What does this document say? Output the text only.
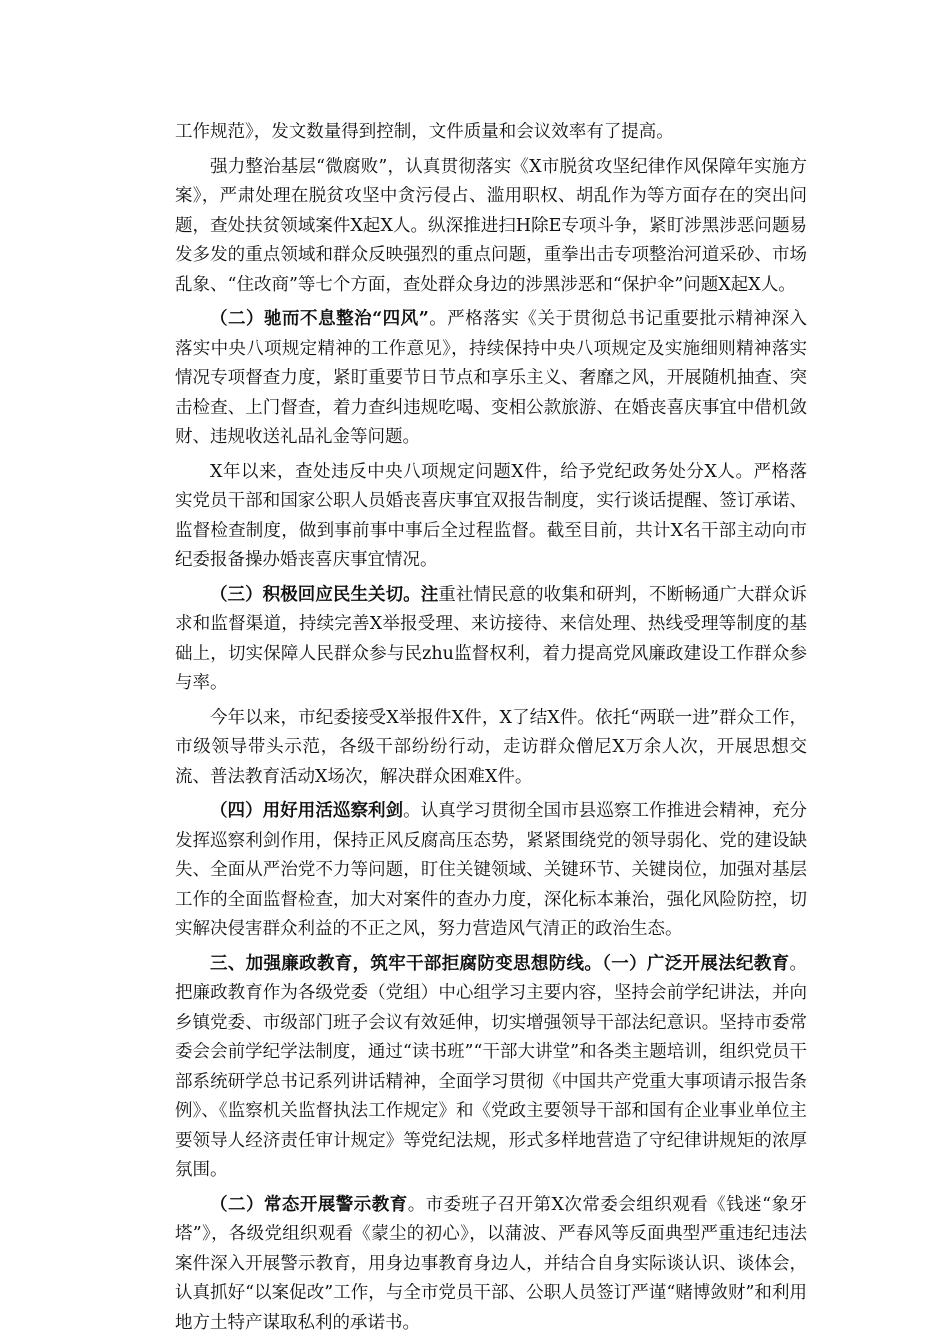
工作规范》，发文数量得到控制，文件质量和会议效率有了提高。

强力整治基层“微腐败”，认真贯彻落实《X市脱贫攻坚纪律作风保障年实施方案》，严肃处理在脱贫攻坚中贪污侵占、滥用职权、胡乱作为等方面存在的突出问题，查处扶贫领域案件X起X人。纵深推进扫H除E专项斗争，紧盯涉黑涉恶问题易发多发的重点领域和群众反映强烈的重点问题，重拳出击专项整治河道采砂、市场乱象、“住改商”等七个方面，查处群众身边的涉黑涉恶和“保护伞”问题X起X人。

（二）驰而不息整治“四风”。严格落实《关于贯彻总书记重要批示精神深入落实中央八项规定精神的工作意见》，持续保持中央八项规定及实施细则精神落实情况专项督查力度，紧盯重要节日节点和享乐主义、奢靡之风，开展随机抽查、突击检查、上门督查，着力查纠违规吃喝、变相公款旅游、在婚丧喜庆事宜中借机敛财、违规收送礼品礼金等问题。

X年以来，查处违反中央八项规定问题X件，给予党纪政务处分X人。严格落实党员干部和国家公职人员婚丧喜庆事宜双报告制度，实行谈话提醒、签订承诺、监督检查制度，做到事前事中事后全过程监督。截至目前，共计X名干部主动向市纪委报备操办婚丧喜庆事宜情况。

（三）积极回应民生关切。注重社情民意的收集和研判，不断畅通广大群众诉求和监督渠道，持续完善X举报受理、来访接待、来信处理、热线受理等制度的基础上，切实保障人民群众参与民zhu监督权利，着力提高党风廉政建设工作群众参与率。

今年以来，市纪委接受X举报件X件，X了结X件。依托“两联一进”群众工作，市级领导带头示范，各级干部纷纷行动，走访群众僧尼X万余人次，开展思想交流、普法教育活动X场次，解决群众困难X件。

（四）用好用活巡察利剑。认真学习贯彻全国市县巡察工作推进会精神，充分发挥巡察利剑作用，保持正风反腐高压态势，紧紧围绕党的领导弱化、党的建设缺失、全面从严治党不力等问题，盯住关键领域、关键环节、关键岗位，加强对基层工作的全面监督检查，加大对案件的查办力度，深化标本兼治，强化风险防控，切实解决侵害群众利益的不正之风，努力营造风气清正的政治生态。

三、加强廉政教育，筑牢干部拒腐防变思想防线。（一）广泛开展法纪教育。把廉政教育作为各级党委（党组）中心组学习主要内容，坚持会前学纪讲法，并向乡镇党委、市级部门班子会议有效延伸，切实增强领导干部法纪意识。坚持市委常委会会前学纪学法制度，通过“读书班”“干部大讲堂”和各类主题培训，组织党员干部系统研学总书记系列讲话精神，全面学习贯彻《中国共产党重大事项请示报告条例》、《监察机关监督执法工作规定》和《党政主要领导干部和国有企业事业单位主要领导人经济责任审计规定》等党纪法规，形式多样地营造了守纪律讲规矩的浓厚氛围。

（二）常态开展警示教育。市委班子召开第X次常委会组织观看《钱迷“象牙塔”》，各级党组织观看《蒙尘的初心》，以蒲波、严春风等反面典型严重违纪违法案件深入开展警示教育，用身边事教育身边人，并结合自身实际谈认识、谈体会，认真抓好“以案促改”工作，与全市党员干部、公职人员签订严谨“赌博敛财”和利用地方土特产谋取私利的承诺书。
